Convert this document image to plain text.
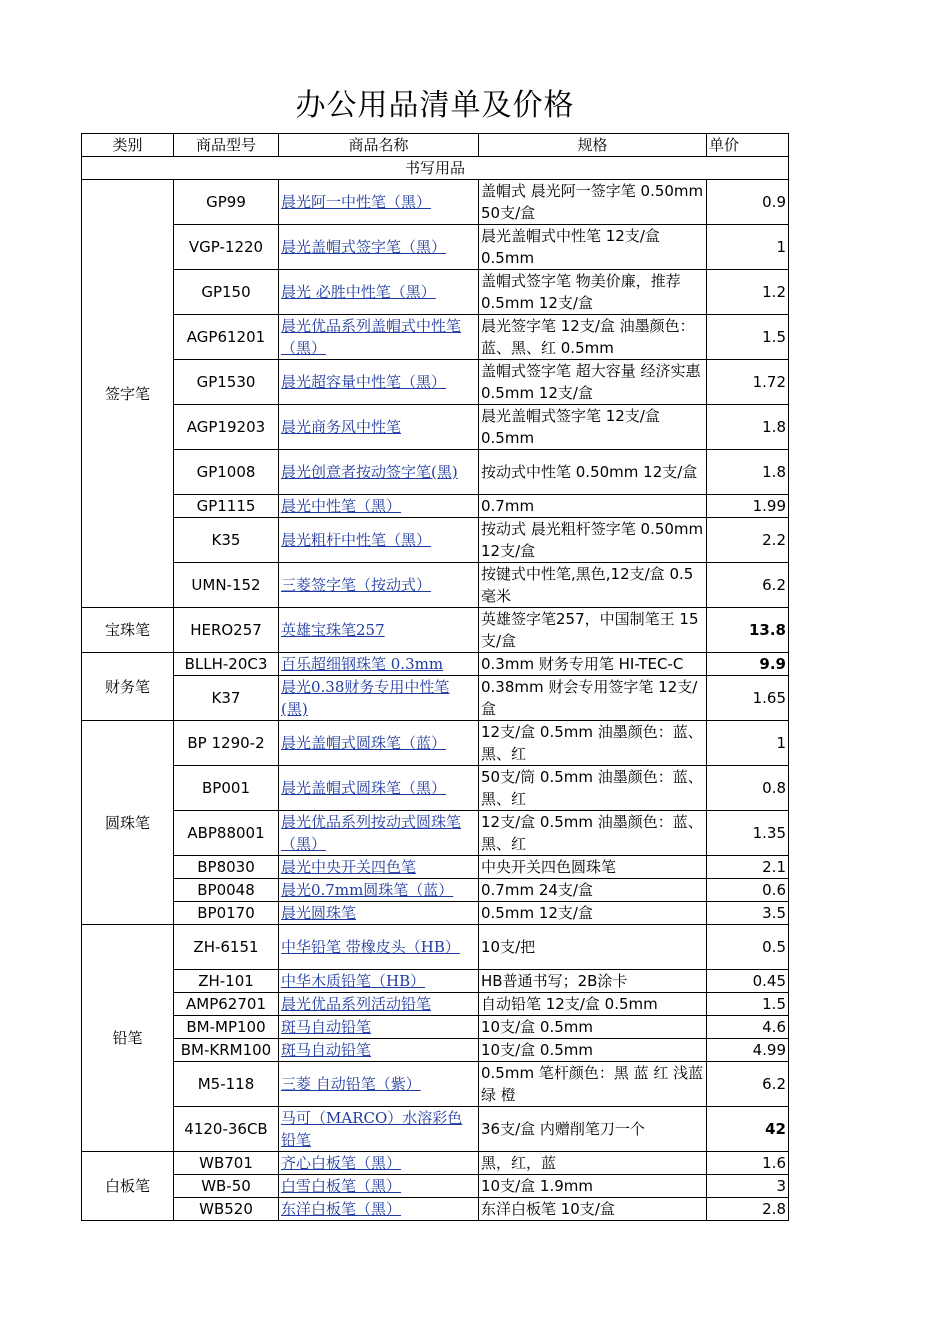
办公用品清单及价格
类别	商品型号	商品名称	规格	单价
书写用品				
签字笔	GP99	晨光阿一中性笔（黑）	盖帽式 晨光阿一签字笔 0.50mm 50支/盒	0.9
	VGP-1220	晨光盖帽式签字笔（黑）	晨光盖帽式中性笔 12支/盒 0.5mm	1
	GP150	晨光 必胜中性笔（黑）	盖帽式签字笔 物美价廉，推荐 0.5mm 12支/盒	1.2
	AGP61201	晨光优品系列盖帽式中性笔（黑）	晨光签字笔 12支/盒 油墨颜色：蓝、黑、红 0.5mm	1.5
	GP1530	晨光超容量中性笔（黑）	盖帽式签字笔 超大容量 经济实惠 0.5mm 12支/盒	1.72
	AGP19203	晨光商务风中性笔	晨光盖帽式签字笔 12支/盒 0.5mm	1.8
	GP1008	晨光创意者按动签字笔(黑)	按动式中性笔 0.50mm 12支/盒	1.8
	GP1115	晨光中性笔（黑）	0.7mm	1.99
	K35	晨光粗杆中性笔（黑）	按动式 晨光粗杆签字笔 0.50mm 12支/盒	2.2
	UMN-152	三菱签字笔（按动式）	按键式中性笔,黑色,12支/盒 0.5毫米	6.2
宝珠笔	HERO257	英雄宝珠笔257	英雄签字笔257，中国制笔王 15支/盒	13.8
财务笔	BLLH-20C3	百乐超细钢珠笔 0.3mm	0.3mm 财务专用笔 HI-TEC-C	9.9
	K37	晨光0.38财务专用中性笔(黑)	0.38mm 财会专用签字笔 12支/盒	1.65
圆珠笔	BP 1290-2	晨光盖帽式圆珠笔（蓝）	12支/盒 0.5mm 油墨颜色：蓝、黑、红	1
	BP001	晨光盖帽式圆珠笔（黑）	50支/筒 0.5mm 油墨颜色：蓝、黑、红	0.8
	ABP88001	晨光优品系列按动式圆珠笔（黑）	12支/盒 0.5mm 油墨颜色：蓝、黑、红	1.35
	BP8030	晨光中央开关四色笔	中央开关四色圆珠笔	2.1
	BP0048	晨光0.7mm圆珠笔（蓝）	0.7mm 24支/盒	0.6
	BP0170	晨光圆珠笔	0.5mm 12支/盒	3.5
铅笔	ZH-6151	中华铅笔 带橡皮头（HB）	10支/把	0.5
	ZH-101	中华木质铅笔（HB）	HB普通书写；2B涂卡	0.45
	AMP62701	晨光优品系列活动铅笔	自动铅笔 12支/盒 0.5mm	1.5
	BM-MP100	斑马自动铅笔	10支/盒 0.5mm	4.6
	BM-KRM100	斑马自动铅笔	10支/盒 0.5mm	4.99
	M5-118	三菱 自动铅笔（紫）	0.5mm 笔杆颜色：黑 蓝 红 浅蓝 绿 橙	6.2
	4120-36CB	马可（MARCO）水溶彩色铅笔	36支/盒 内赠削笔刀一个	42
白板笔	WB701	齐心白板笔（黑）	黑，红，蓝	1.6
	WB-50	白雪白板笔（黑）	10支/盒 1.9mm	3
	WB520	东洋白板笔（黑）	东洋白板笔 10支/盒	2.8
